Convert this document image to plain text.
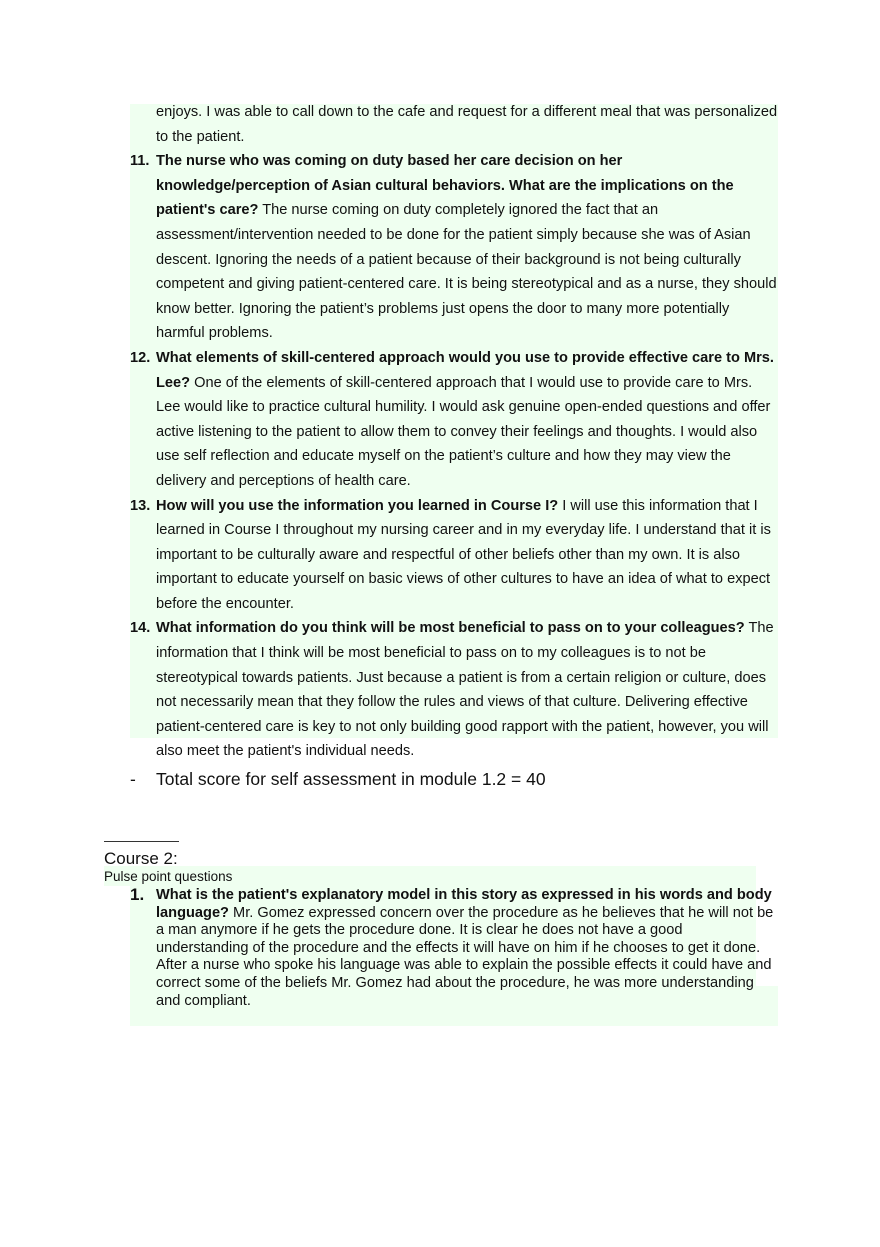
enjoys. I was able to call down to the cafe and request for a different meal that was personalized to the patient.
11. The nurse who was coming on duty based her care decision on her knowledge/perception of Asian cultural behaviors. What are the implications on the patient's care? The nurse coming on duty completely ignored the fact that an assessment/intervention needed to be done for the patient simply because she was of Asian descent. Ignoring the needs of a patient because of their background is not being culturally competent and giving patient-centered care. It is being stereotypical and as a nurse, they should know better. Ignoring the patient’s problems just opens the door to many more potentially harmful problems.
12. What elements of skill-centered approach would you use to provide effective care to Mrs. Lee? One of the elements of skill-centered approach that I would use to provide care to Mrs. Lee would like to practice cultural humility. I would ask genuine open-ended questions and offer active listening to the patient to allow them to convey their feelings and thoughts. I would also use self reflection and educate myself on the patient’s culture and how they may view the delivery and perceptions of health care.
13. How will you use the information you learned in Course I? I will use this information that I learned in Course I throughout my nursing career and in my everyday life. I understand that it is important to be culturally aware and respectful of other beliefs other than my own. It is also important to educate yourself on basic views of other cultures to have an idea of what to expect before the encounter.
14. What information do you think will be most beneficial to pass on to your colleagues? The information that I think will be most beneficial to pass on to my colleagues is to not be stereotypical towards patients. Just because a patient is from a certain religion or culture, does not necessarily mean that they follow the rules and views of that culture. Delivering effective patient-centered care is key to not only building good rapport with the patient, however, you will also meet the patient's individual needs.
- Total score for self assessment in module 1.2 = 40
Course 2:
Pulse point questions
1. What is the patient's explanatory model in this story as expressed in his words and body language? Mr. Gomez expressed concern over the procedure as he believes that he will not be a man anymore if he gets the procedure done. It is clear he does not have a good understanding of the procedure and the effects it will have on him if he chooses to get it done. After a nurse who spoke his language was able to explain the possible effects it could have and correct some of the beliefs Mr. Gomez had about the procedure, he was more understanding and compliant.
